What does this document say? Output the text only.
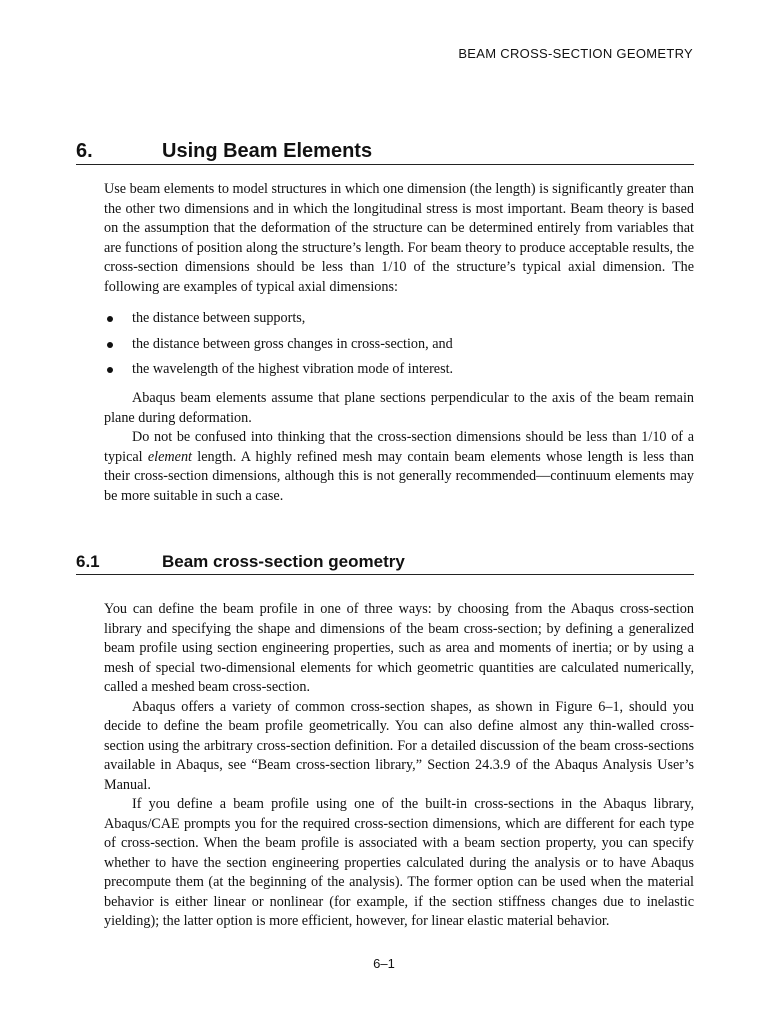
BEAM CROSS-SECTION GEOMETRY
6.	Using Beam Elements

Use beam elements to model structures in which one dimension (the length) is significantly greater than the other two dimensions and in which the longitudinal stress is most important. Beam theory is based on the assumption that the deformation of the structure can be determined entirely from variables that are functions of position along the structure’s length. For beam theory to produce acceptable results, the cross-section dimensions should be less than 1/10 of the structure’s typical axial dimension. The following are examples of typical axial dimensions:

the distance between supports,
the distance between gross changes in cross-section, and
the wavelength of the highest vibration mode of interest.

Abaqus beam elements assume that plane sections perpendicular to the axis of the beam remain plane during deformation.

Do not be confused into thinking that the cross-section dimensions should be less than 1/10 of a typical element length. A highly refined mesh may contain beam elements whose length is less than their cross-section dimensions, although this is not generally recommended—continuum elements may be more suitable in such a case.

6.1	Beam cross-section geometry

You can define the beam profile in one of three ways: by choosing from the Abaqus cross-section library and specifying the shape and dimensions of the beam cross-section; by defining a generalized beam profile using section engineering properties, such as area and moments of inertia; or by using a mesh of special two-dimensional elements for which geometric quantities are calculated numerically, called a meshed beam cross-section.

Abaqus offers a variety of common cross-section shapes, as shown in Figure 6–1, should you decide to define the beam profile geometrically. You can also define almost any thin-walled cross-section using the arbitrary cross-section definition. For a detailed discussion of the beam cross-sections available in Abaqus, see “Beam cross-section library,” Section 24.3.9 of the Abaqus Analysis User’s Manual.

If you define a beam profile using one of the built-in cross-sections in the Abaqus library, Abaqus/CAE prompts you for the required cross-section dimensions, which are different for each type of cross-section. When the beam profile is associated with a beam section property, you can specify whether to have the section engineering properties calculated during the analysis or to have Abaqus precompute them (at the beginning of the analysis). The former option can be used when the material behavior is either linear or nonlinear (for example, if the section stiffness changes due to inelastic yielding); the latter option is more efficient, however, for linear elastic material behavior.

6–1
